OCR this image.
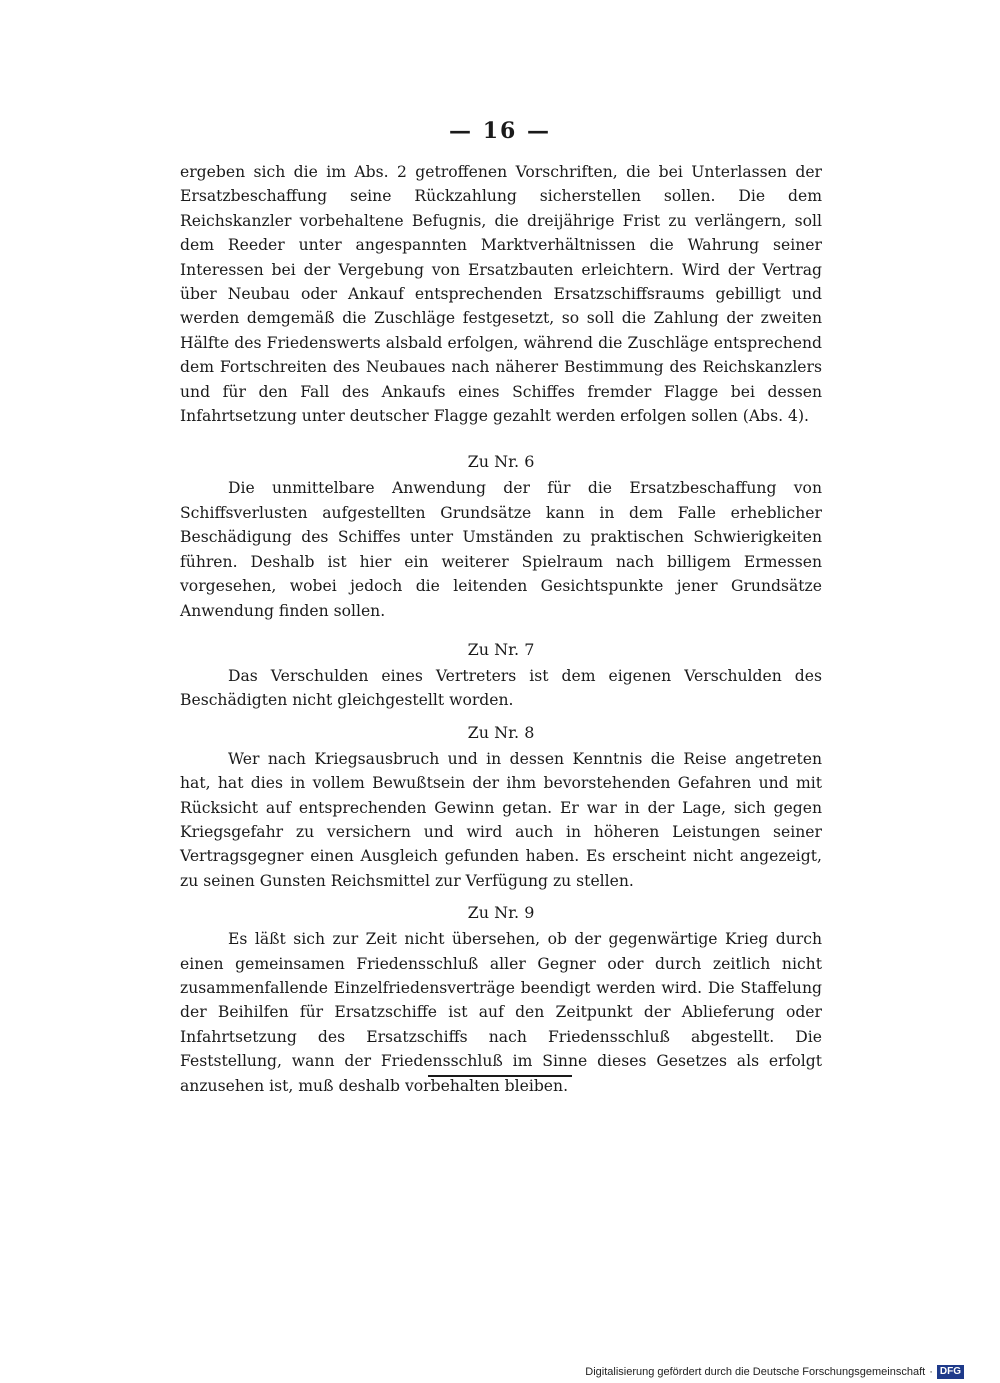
— 16 —

ergeben sich die im Abs. 2 getroffenen Vorschriften, die bei Unterlassen der Ersatzbeschaffung seine Rückzahlung sicherstellen sollen. Die dem Reichskanzler vorbehaltene Befugnis, die dreijährige Frist zu verlängern, soll dem Reeder unter angespannten Marktverhältnissen die Wahrung seiner Interessen bei der Vergebung von Ersatzbauten erleichtern. Wird der Vertrag über Neubau oder Ankauf entsprechenden Ersatzschiffsraums gebilligt und werden demgemäß die Zuschläge festgesetzt, so soll die Zahlung der zweiten Hälfte des Friedenswerts alsbald erfolgen, während die Zuschläge entsprechend dem Fortschreiten des Neubaues nach näherer Bestimmung des Reichskanzlers und für den Fall des Ankaufs eines Schiffes fremder Flagge bei dessen Infahrtsetzung unter deutscher Flagge gezahlt werden erfolgen sollen (Abs. 4).

Zu Nr. 6

Die unmittelbare Anwendung der für die Ersatzbeschaffung von Schiffsverlusten aufgestellten Grundsätze kann in dem Falle erheblicher Beschädigung des Schiffes unter Umständen zu praktischen Schwierigkeiten führen. Deshalb ist hier ein weiterer Spielraum nach billigem Ermessen vorgesehen, wobei jedoch die leitenden Gesichtspunkte jener Grundsätze Anwendung finden sollen.

Zu Nr. 7

Das Verschulden eines Vertreters ist dem eigenen Verschulden des Beschädigten nicht gleichgestellt worden.

Zu Nr. 8

Wer nach Kriegsausbruch und in dessen Kenntnis die Reise angetreten hat, hat dies in vollem Bewußtsein der ihm bevorstehenden Gefahren und mit Rücksicht auf entsprechenden Gewinn getan. Er war in der Lage, sich gegen Kriegsgefahr zu versichern und wird auch in höheren Leistungen seiner Vertragsgegner einen Ausgleich gefunden haben. Es erscheint nicht angezeigt, zu seinen Gunsten Reichsmittel zur Verfügung zu stellen.

Zu Nr. 9

Es läßt sich zur Zeit nicht übersehen, ob der gegenwärtige Krieg durch einen gemeinsamen Friedensschluß aller Gegner oder durch zeitlich nicht zusammenfallende Einzelfriedensverträge beendigt werden wird. Die Staffelung der Beihilfen für Ersatzschiffe ist auf den Zeitpunkt der Ablieferung oder Infahrtsetzung des Ersatzschiffs nach Friedensschluß abgestellt. Die Feststellung, wann der Friedensschluß im Sinne dieses Gesetzes als erfolgt anzusehen ist, muß deshalb vorbehalten bleiben.

Digitalisierung gefördert durch die Deutsche Forschungsgemeinschaft · DFG
